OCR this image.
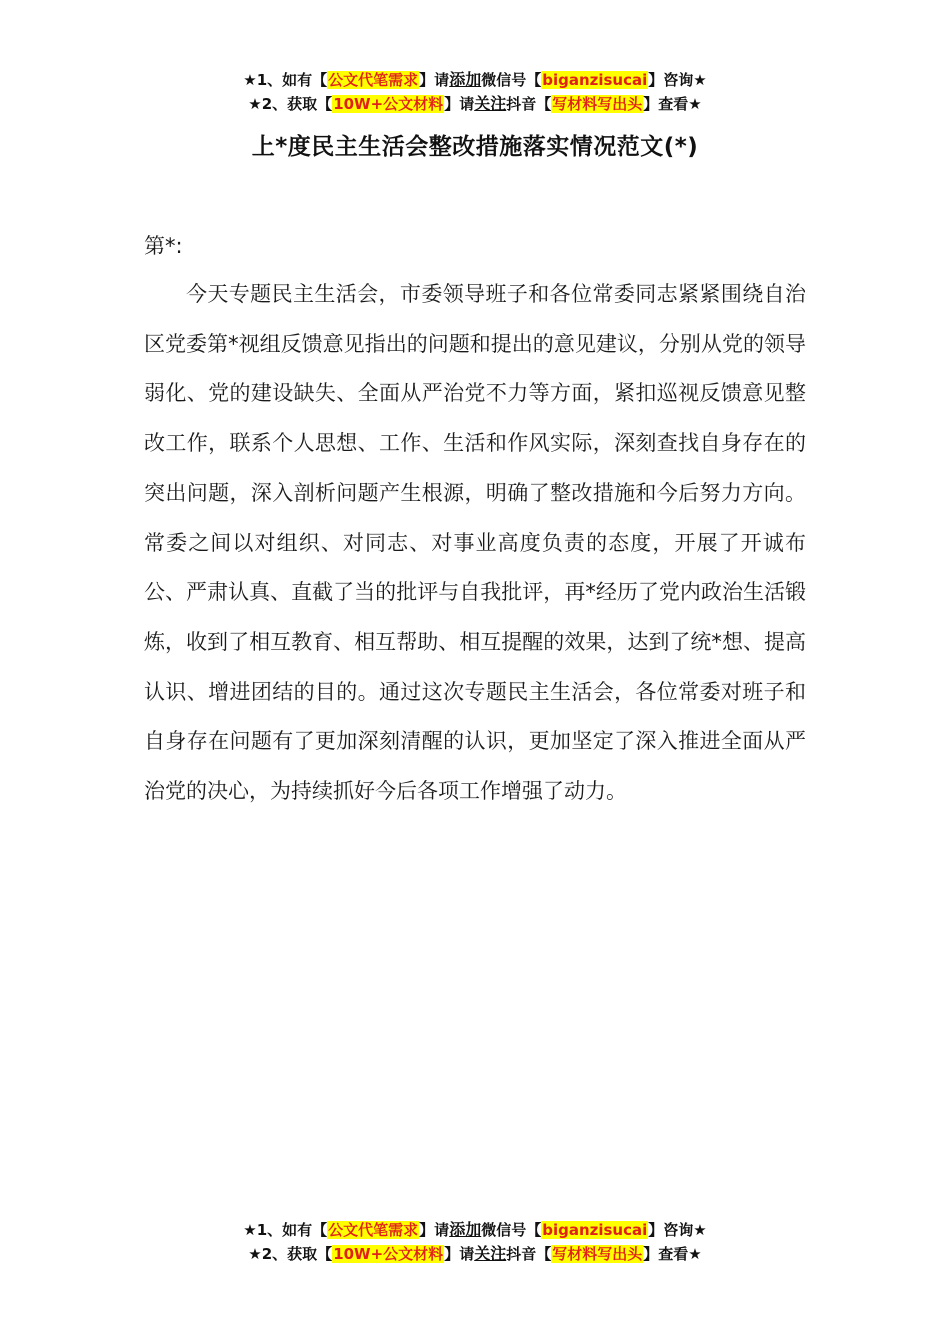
★1、如有【公文代笔需求】请添加微信号【biganzisucai】咨询★
★2、获取【10W+公文材料】请关注抖音【写材料写出头】查看★
上*度民主生活会整改措施落实情况范文(*)
第*:

今天专题民主生活会，市委领导班子和各位常委同志紧紧围绕自治区党委第*视组反馈意见指出的问题和提出的意见建议，分别从党的领导弱化、党的建设缺失、全面从严治党不力等方面，紧扣巡视反馈意见整改工作，联系个人思想、工作、生活和作风实际，深刻查找自身存在的突出问题，深入剖析问题产生根源，明确了整改措施和今后努力方向。常委之间以对组织、对同志、对事业高度负责的态度，开展了开诚布公、严肃认真、直截了当的批评与自我批评，再*经历了党内政治生活锻炼，收到了相互教育、相互帮助、相互提醒的效果，达到了统*想、提高认识、增进团结的目的。通过这次专题民主生活会，各位常委对班子和自身存在问题有了更加深刻清醒的认识，更加坚定了深入推进全面从严治党的决心，为持续抓好今后各项工作增强了动力。

★1、如有【公文代笔需求】请添加微信号【biganzisucai】咨询★
★2、获取【10W+公文材料】请关注抖音【写材料写出头】查看★
